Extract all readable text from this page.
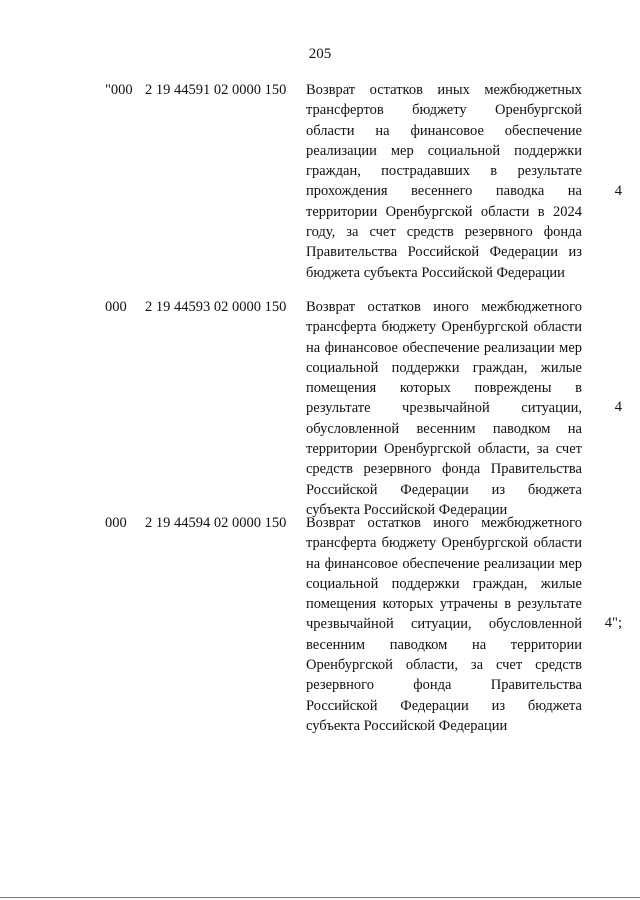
205
"000 2 19 44591 02 0000 150 Возврат остатков иных межбюджетных трансфертов бюджету Оренбургской области на финансовое обеспечение реализации мер социальной поддержки граждан, пострадавших в результате прохождения весеннего паводка на территории Оренбургской области в 2024 году, за счет средств резервного фонда Правительства Российской Федерации из бюджета субъекта Российской Федерации
4
000 2 19 44593 02 0000 150 Возврат остатков иного межбюджетного трансферта бюджету Оренбургской области на финансовое обеспечение реализации мер социальной поддержки граждан, жилые помещения которых повреждены в результате чрезвычайной ситуации, обусловленной весенним паводком на территории Оренбургской области, за счет средств резервного фонда Правительства Российской Федерации из бюджета субъекта Российской Федерации
4
000 2 19 44594 02 0000 150 Возврат остатков иного межбюджетного трансферта бюджету Оренбургской области на финансовое обеспечение реализации мер социальной поддержки граждан, жилые помещения которых утрачены в результате чрезвычайной ситуации, обусловленной весенним паводком на территории Оренбургской области, за счет средств резервного фонда Правительства Российской Федерации из бюджета субъекта Российской Федерации
4";
